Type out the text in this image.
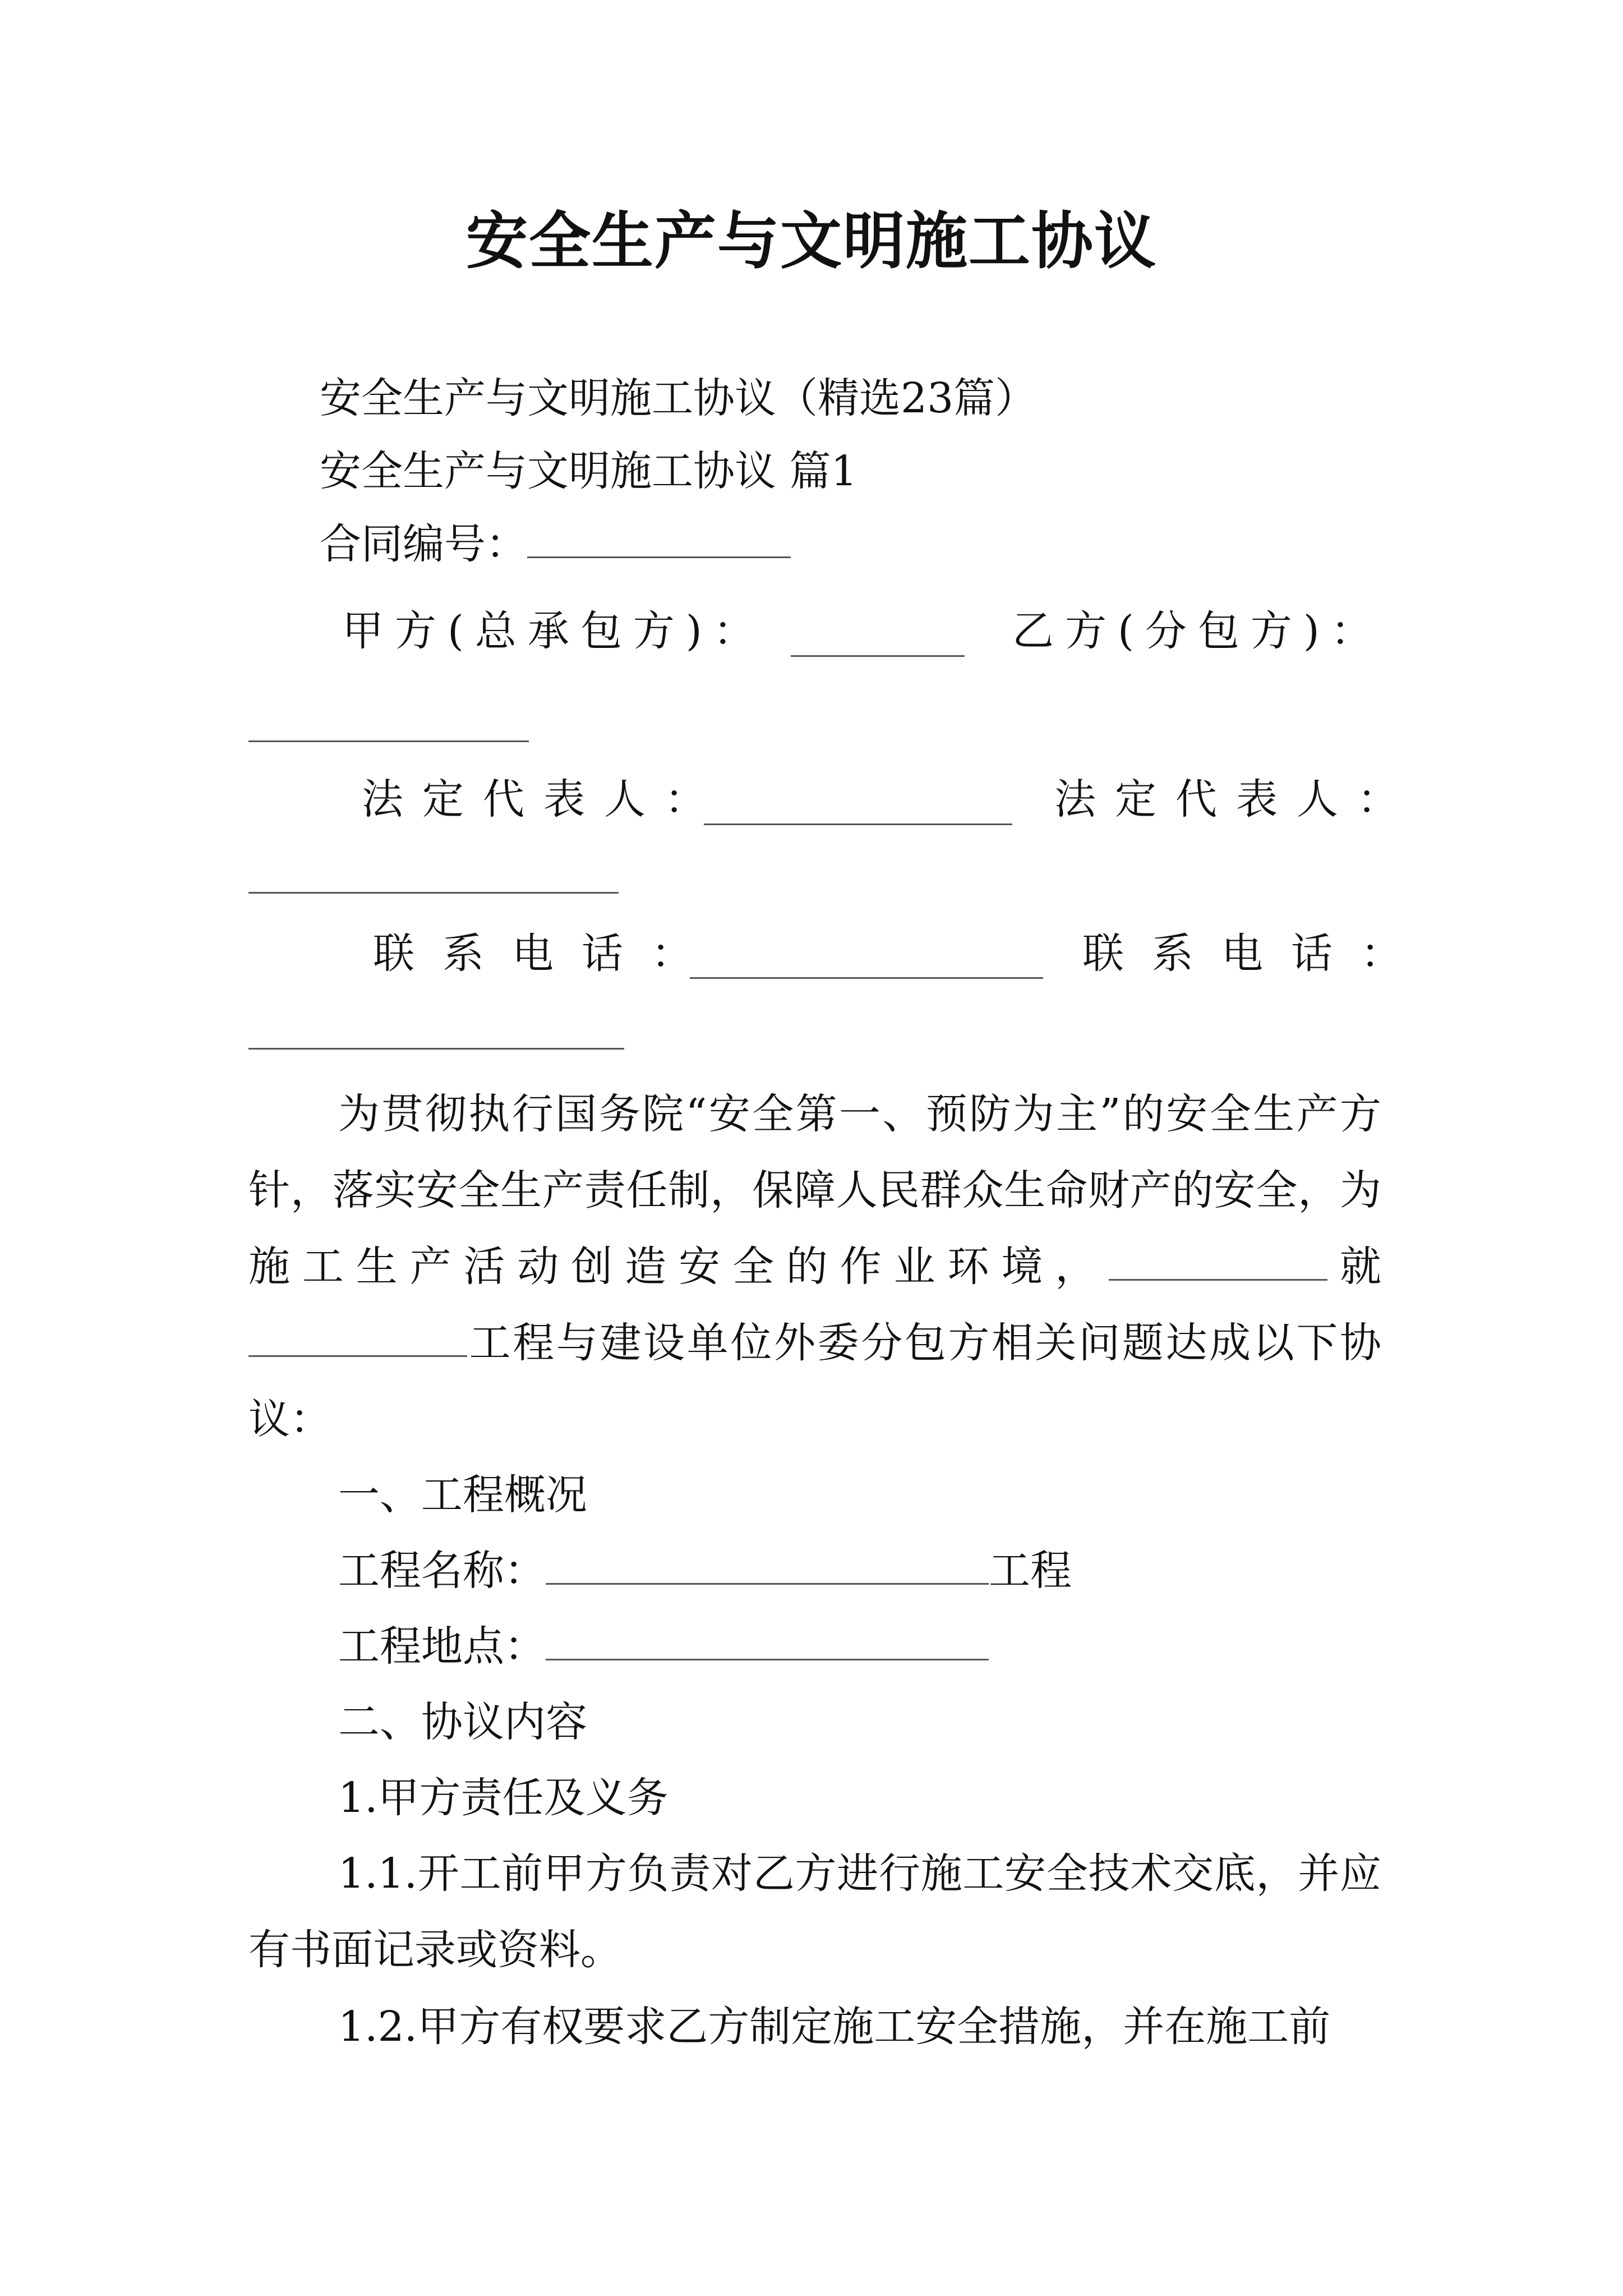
安全生产与文明施工协议
安全生产与文明施工协议（精选23篇）
安全生产与文明施工协议 篇1
合同编号：
甲方(总承包方)：	乙方(分包方)：
法定代表人：	法定代表人：
联系电话：	联系电话：
为贯彻执行国务院“安全第一、预防为主”的安全生产方针，落实安全生产责任制，保障人民群众生命财产的安全，为施工生产活动创造安全的作业环境，	就工程与建设单位外委分包方相关问题达成以下协议：
一、工程概况
工程名称：	工程
工程地点：
二、协议内容
1.甲方责任及义务
1.1.开工前甲方负责对乙方进行施工安全技术交底，并应有书面记录或资料。
1.2.甲方有权要求乙方制定施工安全措施，并在施工前
